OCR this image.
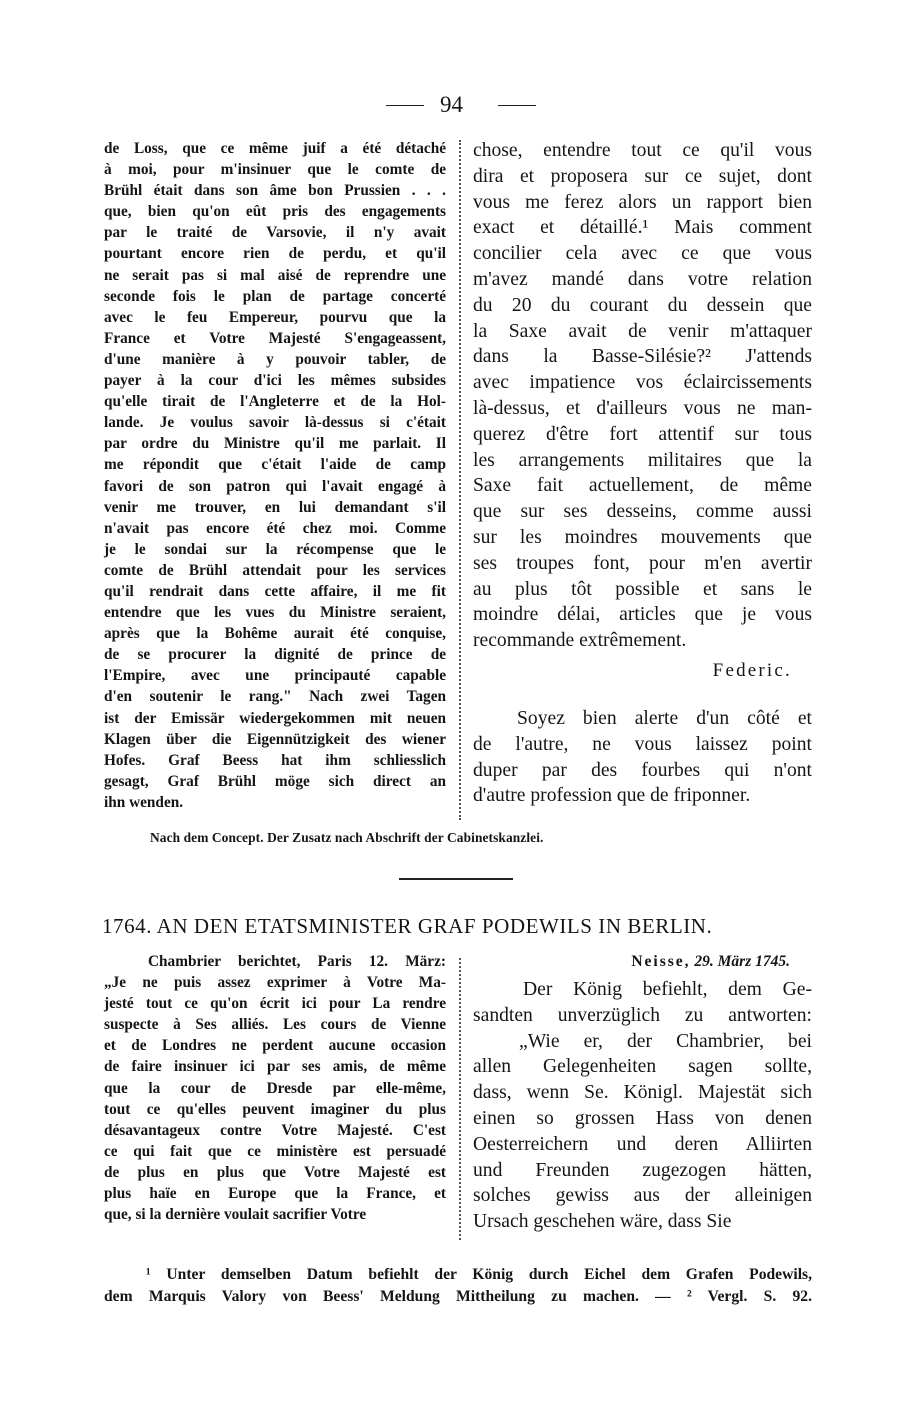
94

de Loss, que ce même juif a été détaché

à moi, pour m'insinuer que le comte de

Brühl était dans son âme bon Prussien . . .

que, bien qu'on eût pris des engagements

par le traité de Varsovie, il n'y avait

pourtant encore rien de perdu, et qu'il

ne serait pas si mal aisé de reprendre une

seconde fois le plan de partage concerté

avec le feu Empereur, pourvu que la

France et Votre Majesté S'engageassent,

d'une manière à y pouvoir tabler, de

payer à la cour d'ici les mêmes subsides

qu'elle tirait de l'Angleterre et de la Hol-

lande. Je voulus savoir là-dessus si c'était

par ordre du Ministre qu'il me parlait. Il

me répondit que c'était l'aide de camp

favori de son patron qui l'avait engagé à

venir me trouver, en lui demandant s'il

n'avait pas encore été chez moi. Comme

je le sondai sur la récompense que le

comte de Brühl attendait pour les services

qu'il rendrait dans cette affaire, il me fit

entendre que les vues du Ministre seraient,

après que la Bohême aurait été conquise,

de se procurer la dignité de prince de

l'Empire, avec une principauté capable

d'en soutenir le rang." Nach zwei Tagen

ist der Emissär wiedergekommen mit neuen

Klagen über die Eigennützigkeit des wiener

Hofes. Graf Beess hat ihm schliesslich

gesagt, Graf Brühl möge sich direct an

ihn wenden.

chose, entendre tout ce qu'il vous

dira et proposera sur ce sujet, dont

vous me ferez alors un rapport bien

exact et détaillé.¹ Mais comment

concilier cela avec ce que vous

m'avez mandé dans votre relation

du 20 du courant du dessein que

la Saxe avait de venir m'attaquer

dans la Basse-Silésie?² J'attends

avec impatience vos éclaircissements

là-dessus, et d'ailleurs vous ne man-

querez d'être fort attentif sur tous

les arrangements militaires que la

Saxe fait actuellement, de même

que sur ses desseins, comme aussi

sur les moindres mouvements que

ses troupes font, pour m'en avertir

au plus tôt possible et sans le

moindre délai, articles que je vous

recommande extrêmement.

Federic.

Soyez bien alerte d'un côté et

de l'autre, ne vous laissez point

duper par des fourbes qui n'ont

d'autre profession que de friponner.

Nach dem Concept. Der Zusatz nach Abschrift der Cabinetskanzlei.
1764. AN DEN ETATSMINISTER GRAF PODEWILS IN BERLIN.

Chambrier berichtet, Paris 12. März:

„Je ne puis assez exprimer à Votre Ma-

jesté tout ce qu'on écrit ici pour La rendre

suspecte à Ses alliés. Les cours de Vienne

et de Londres ne perdent aucune occasion

de faire insinuer ici par ses amis, de même

que la cour de Dresde par elle-même,

tout ce qu'elles peuvent imaginer du plus

désavantageux contre Votre Majesté. C'est

ce qui fait que ce ministère est persuadé

de plus en plus que Votre Majesté est

plus haïe en Europe que la France, et

que, si la dernière voulait sacrifier Votre

Neisse, 29. März 1745.

Der König befiehlt, dem Ge-

sandten unverzüglich zu antworten:

„Wie er, der Chambrier, bei

allen Gelegenheiten sagen sollte,

dass, wenn Se. Königl. Majestät sich

einen so grossen Hass von denen

Oesterreichern und deren Alliirten

und Freunden zugezogen hätten,

solches gewiss aus der alleinigen

Ursach geschehen wäre, dass Sie

¹ Unter demselben Datum befiehlt der König durch Eichel dem Grafen Podewils,

dem Marquis Valory von Beess' Meldung Mittheilung zu machen. — ² Vergl. S. 92.
